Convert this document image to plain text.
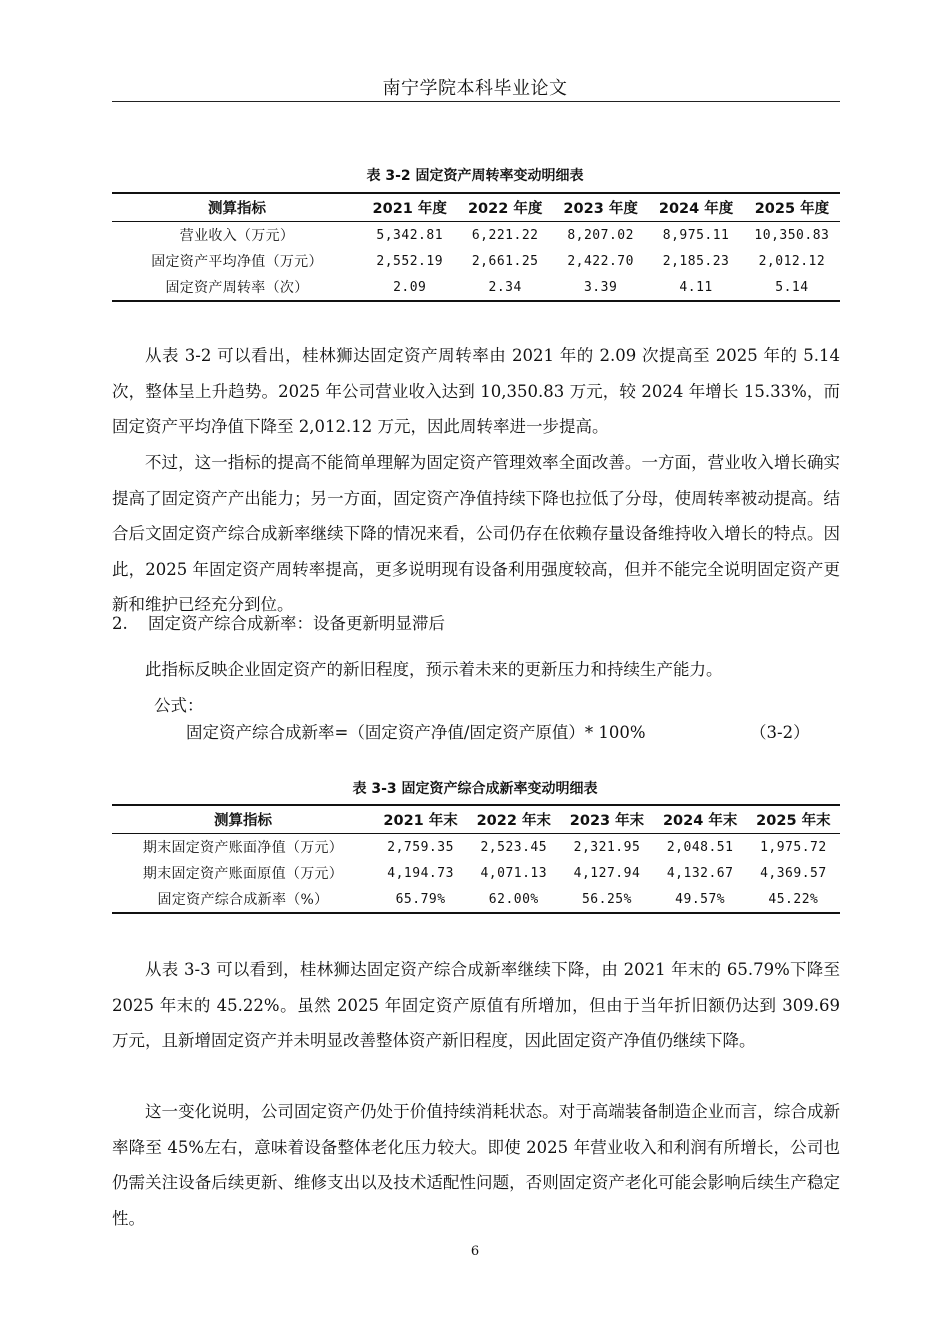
南宁学院本科毕业论文
表 3-2 固定资产周转率变动明细表
测算指标	2021 年度	2022 年度	2023 年度	2024 年度	2025 年度
营业收入（万元）	5,342.81	6,221.22	8,207.02	8,975.11	10,350.83
固定资产平均净值（万元）	2,552.19	2,661.25	2,422.70	2,185.23	2,012.12
固定资产周转率（次）	2.09	2.34	3.39	4.11	5.14

从表 3-2 可以看出，桂林狮达固定资产周转率由 2021 年的 2.09 次提高至 2025 年的 5.14 次，整体呈上升趋势。2025 年公司营业收入达到 10,350.83 万元，较 2024 年增长 15.33%，而固定资产平均净值下降至 2,012.12 万元，因此周转率进一步提高。

不过，这一指标的提高不能简单理解为固定资产管理效率全面改善。一方面，营业收入增长确实提高了固定资产产出能力；另一方面，固定资产净值持续下降也拉低了分母，使周转率被动提高。结合后文固定资产综合成新率继续下降的情况来看，公司仍存在依赖存量设备维持收入增长的特点。因此，2025 年固定资产周转率提高，更多说明现有设备利用强度较高，但并不能完全说明固定资产更新和维护已经充分到位。

2. 固定资产综合成新率：设备更新明显滞后
此指标反映企业固定资产的新旧程度，预示着未来的更新压力和持续生产能力。
公式：
固定资产综合成新率=（固定资产净值/固定资产原值）* 100%	（3-2）
表 3-3 固定资产综合成新率变动明细表
测算指标	2021 年末	2022 年末	2023 年末	2024 年末	2025 年末
期末固定资产账面净值（万元）	2,759.35	2,523.45	2,321.95	2,048.51	1,975.72
期末固定资产账面原值（万元）	4,194.73	4,071.13	4,127.94	4,132.67	4,369.57
固定资产综合成新率（%）	65.79%	62.00%	56.25%	49.57%	45.22%

从表 3-3 可以看到，桂林狮达固定资产综合成新率继续下降，由 2021 年末的 65.79%下降至 2025 年末的 45.22%。虽然 2025 年固定资产原值有所增加，但由于当年折旧额仍达到 309.69 万元，且新增固定资产并未明显改善整体资产新旧程度，因此固定资产净值仍继续下降。

这一变化说明，公司固定资产仍处于价值持续消耗状态。对于高端装备制造企业而言，综合成新率降至 45%左右，意味着设备整体老化压力较大。即使 2025 年营业收入和利润有所增长，公司也仍需关注设备后续更新、维修支出以及技术适配性问题，否则固定资产老化可能会影响后续生产稳定性。

6
